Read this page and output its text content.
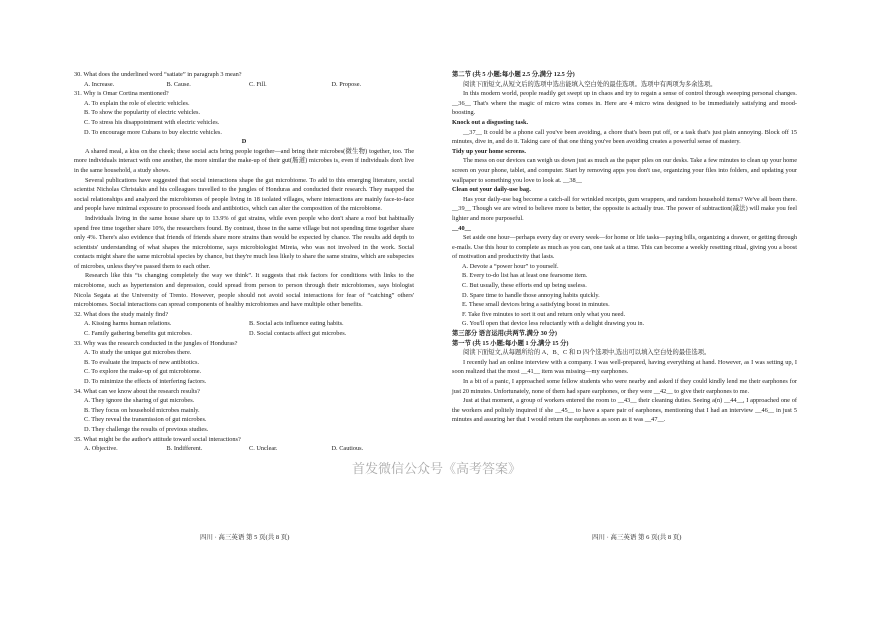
30. What does the underlined word “satiate” in paragraph 3 mean?
A. Increase.	B. Cause.	C. Fill.	D. Propose.
31. Why is Omar Cortina mentioned?
A. To explain the role of electric vehicles.
B. To show the popularity of electric vehicles.
C. To stress his disappointment with electric vehicles.
D. To encourage more Cubans to buy electric vehicles.
D
A shared meal, a kiss on the cheek; these social acts bring people together—and bring their microbes(微生物) together, too. The more individuals interact with one another, the more similar the make-up of their gut(肠道) microbes is, even if individuals don't live in the same household, a study shows.
Several publications have suggested that social interactions shape the gut microbiome. To add to this emerging literature, social scientist Nicholas Christakis and his colleagues travelled to the jungles of Honduras and conducted their research. They mapped the social relationships and analyzed the microbiomes of people living in 18 isolated villages, where interactions are mainly face-to-face and people have minimal exposure to processed foods and antibiotics, which can alter the composition of the microbiome.
Individuals living in the same house share up to 13.9% of gut strains, while even people who don't share a roof but habitually spend free time together share 10%, the researchers found. By contrast, those in the same village but not spending time together share only 4%. There's also evidence that friends of friends share more strains than would be expected by chance. The results add depth to scientists' understanding of what shapes the microbiome, says microbiologist Mireia, who was not involved in the work. Social contacts might share the same microbial species by chance, but they're much less likely to share the same strains, which are subspecies of microbes, unless they've passed them to each other.
Research like this “is changing completely the way we think”. It suggests that risk factors for conditions with links to the microbiome, such as hypertension and depression, could spread from person to person through their microbiomes, says biologist Nicola Segata at the University of Trento. However, people should not avoid social interactions for fear of “catching” others' microbiomes. Social interactions can spread components of healthy microbiomes and have multiple other benefits.
32. What does the study mainly find?
A. Kissing harms human relations.	B. Social acts influence eating habits.
C. Family gathering benefits gut microbes.	D. Social contacts affect gut microbes.
33. Why was the research conducted in the jungles of Honduras?
A. To study the unique gut microbes there.
B. To evaluate the impacts of new antibiotics.
C. To explore the make-up of gut microbiome.
D. To minimize the effects of interfering factors.
34. What can we know about the research results?
A. They ignore the sharing of gut microbes.
B. They focus on household microbes mainly.
C. They reveal the transmission of gut microbes.
D. They challenge the results of previous studies.
35. What might be the author's attitude toward social interactions?
A. Objective.	B. Indifferent.	C. Unclear.	D. Cautious.
四川 · 高三英语 第 5 页(共 8 页)
第二节 (共 5 小题;每小题 2.5 分,满分 12.5 分)
阅读下面短文,从短文后的选项中选出能填入空白处的最佳选项。选项中有两项为多余选项。
In this modern world, people readily get swept up in chaos and try to regain a sense of control through sweeping personal changes. __36__ That's where the magic of micro wins comes in. Here are 4 micro wins designed to be immediately satisfying and mood-boosting.
Knock out a disgusting task.
__37__ It could be a phone call you've been avoiding, a chore that's been put off, or a task that's just plain annoying. Block off 15 minutes, dive in, and do it. Taking care of that one thing you've been avoiding creates a powerful sense of mastery.
Tidy up your home screens.
The mess on our devices can weigh us down just as much as the paper piles on our desks. Take a few minutes to clean up your home screen on your phone, tablet, and computer. Start by removing apps you don't use, organizing your files into folders, and updating your wallpaper to something you love to look at. __38__
Clean out your daily-use bag.
Has your daily-use bag become a catch-all for wrinkled receipts, gum wrappers, and random household items? We've all been there. __39__ Though we are wired to believe more is better, the opposite is actually true. The power of subtraction(减法) will make you feel lighter and more purposeful.
__40__
Set aside one hour—perhaps every day or every week—for home or life tasks—paying bills, organizing a drawer, or getting through e-mails. Use this hour to complete as much as you can, one task at a time. This can become a weekly resetting ritual, giving you a boost of motivation and productivity that lasts.
A. Devote a “power hour” to yourself.
B. Every to-do list has at least one fearsome item.
C. But usually, these efforts end up being useless.
D. Spare time to handle those annoying habits quickly.
E. These small devices bring a satisfying boost in minutes.
F. Take five minutes to sort it out and return only what you need.
G. You'll open that device less reluctantly with a delight drawing you in.
第三部分 语言运用(共两节,满分 30 分)
第一节 (共 15 小题;每小题 1 分,满分 15 分)
阅读下面短文,从每题所给的 A、B、C 和 D 四个选项中,选出可以填入空白处的最佳选项。
I recently had an online interview with a company. I was well-prepared, having everything at hand. However, as I was setting up, I soon realized that the most __41__ item was missing—my earphones.
In a bit of a panic, I approached some fellow students who were nearby and asked if they could kindly lend me their earphones for just 20 minutes. Unfortunately, none of them had spare earphones, or they were __42__ to give their earphones to me.
Just at that moment, a group of workers entered the room to __43__ their cleaning duties. Seeing a(n) __44__, I approached one of the workers and politely inquired if she __45__ to have a spare pair of earphones, mentioning that I had an interview __46__ in just 5 minutes and assuring her that I would return the earphones as soon as it was __47__.
四川 · 高三英语 第 6 页(共 8 页)
首发微信公众号《高考答案》
